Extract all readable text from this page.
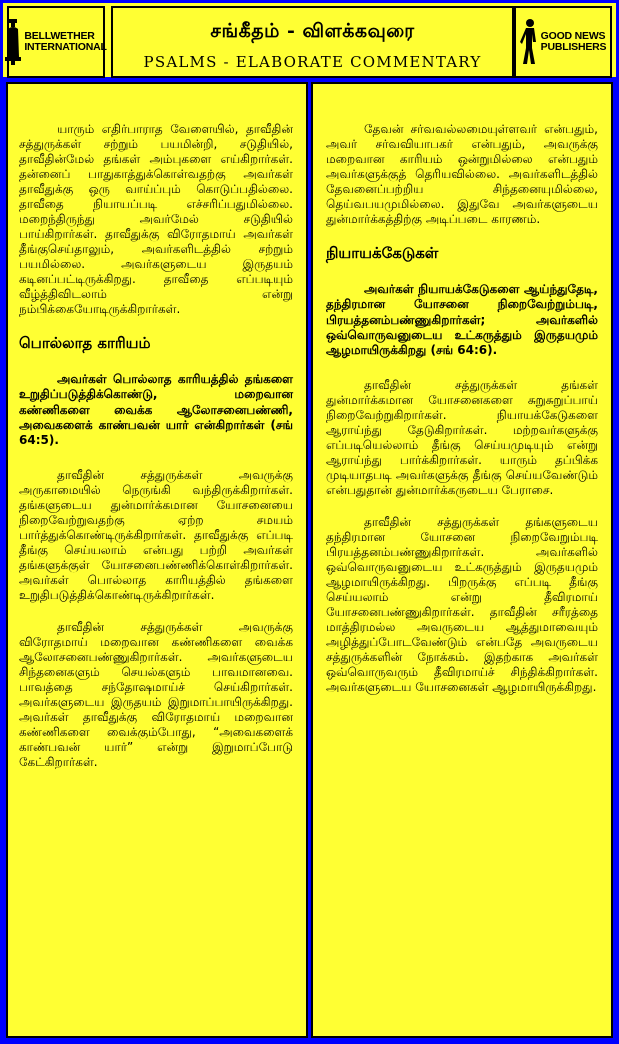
BELLWETHER
INTERNATIONAL
சங்கீதம் - விளக்கவுரை
PSALMS - ELABORATE COMMENTARY
GOOD NEWS
PUBLISHERS

யாரும் எதிர்பாராத வேளையில், தாவீதின் சத்துருக்கள் சற்றும் பயமின்றி, சடுதியில், தாவீதின்மேல் தங்கள் அம்புகளை எய்கிறார்கள். தன்னைப் பாதுகாத்துக்கொள்வதற்கு அவர்கள் தாவீதுக்கு ஒரு வாய்ப்பும் கொடுப்பதில்லை. தாவீதை நியாயப்படி எச்சரிப்பதுமில்லை. மறைந்திருந்து அவர்மேல் சடுதியில் பாய்கிறார்கள். தாவீதுக்கு விரோதமாய் அவர்கள் தீங்குசெய்தாலும், அவர்களிடத்தில் சற்றும் பயமில்லை. அவர்களுடைய இருதயம் கடினப்பட்டிருக்கிறது. தாவீதை எப்படியும் வீழ்த்திவிடலாம் என்று நம்பிக்கையோடிருக்கிறார்கள்.

பொல்லாத காரியம்

அவர்கள் பொல்லாத காரியத்தில் தங்களை உறுதிப்படுத்திக்கொண்டு, மறைவான கண்ணிகளை வைக்க ஆலோசனைபண்ணி, அவைகளைக் காண்பவன் யார் என்கிறார்கள் (சங் 64:5).

தாவீதின் சத்துருக்கள் அவருக்கு அருகாமையில் நெருங்கி வந்திருக்கிறார்கள். தங்களுடைய துன்மார்க்கமான யோசனையை நிறைவேற்றுவதற்கு ஏற்ற சமயம் பார்த்துக்கொண்டிருக்கிறார்கள். தாவீதுக்கு எப்படி தீங்கு செய்யலாம் என்பது பற்றி அவர்கள் தங்களுக்குள் யோசனைபண்ணிக்கொள்கிறார்கள். அவர்கள் பொல்லாத காரியத்தில் தங்களை உறுதிபடுத்திக்கொண்டிருக்கிறார்கள்.

தாவீதின் சத்துருக்கள் அவருக்கு விரோதமாய் மறைவான கண்ணிகளை வைக்க ஆலோசனைபண்ணுகிறார்கள். அவர்களுடைய சிந்தனைகளும் செயல்களும் பாவமானவை. பாவத்தை சந்தோஷமாய்ச் செய்கிறார்கள். அவர்களுடைய இருதயம் இறுமாப்பாயிருக்கிறது. அவர்கள் தாவீதுக்கு விரோதமாய் மறைவான கண்ணிகளை வைக்கும்போது, “அவைகளைக் காண்பவன் யார்” என்று இறுமாப்போடு கேட்கிறார்கள்.

தேவன் சர்வவல்லமையுள்ளவர் என்பதும், அவர் சர்வவியாபகர் என்பதும், அவருக்கு மறைவான காரியம் ஒன்றுமில்லை என்பதும் அவர்களுக்குத் தெரியவில்லை. அவர்களிடத்தில் தேவனைப்பற்றிய சிந்தனையுமில்லை, தெய்வபயமுமில்லை. இதுவே அவர்களுடைய துன்மார்க்கத்திற்கு அடிப்படை காரணம்.

நியாயக்கேடுகள்

அவர்கள் நியாயக்கேடுகளை ஆய்ந்துதேடி, தந்திரமான யோசனை நிறைவேற்றும்படி, பிரயத்தனம்பண்ணுகிறார்கள்; அவர்களில் ஒவ்வொருவனுடைய உட்கருத்தும் இருதயமும் ஆழமாயிருக்கிறது (சங் 64:6).

தாவீதின் சத்துருக்கள் தங்கள் துன்மார்க்கமான யோசனைகளை சுறுசுறுப்பாய் நிறைவேற்றுகிறார்கள். நியாயக்கேடுகளை ஆராய்ந்து தேடுகிறார்கள். மற்றவர்களுக்கு எப்படியெல்லாம் தீங்கு செய்யமுடியும் என்று ஆராய்ந்து பார்க்கிறார்கள். யாரும் தப்பிக்க முடியாதபடி அவர்களுக்கு தீங்கு செய்யவேண்டும் என்பதுதான் துன்மார்க்கருடைய பேராசை.

தாவீதின் சத்துருக்கள் தங்களுடைய தந்திரமான யோசனை நிறைவேறும்படி பிரயத்தனம்பண்ணுகிறார்கள். அவர்களில் ஒவ்வொருவனுடைய உட்கருத்தும் இருதயமும் ஆழமாயிருக்கிறது. பிறருக்கு எப்படி தீங்கு செய்யலாம் என்று தீவிரமாய் யோசனைபண்ணுகிறார்கள். தாவீதின் சரீரத்தை மாத்திரமல்ல அவருடைய ஆத்துமாவையும் அழித்துப்போடவேண்டும் என்பதே அவருடைய சத்துருக்களின் நோக்கம். இதற்காக அவர்கள் ஒவ்வொருவரும் தீவிரமாய்ச் சிந்திக்கிறார்கள். அவர்களுடைய யோசனைகள் ஆழமாயிருக்கிறது.
